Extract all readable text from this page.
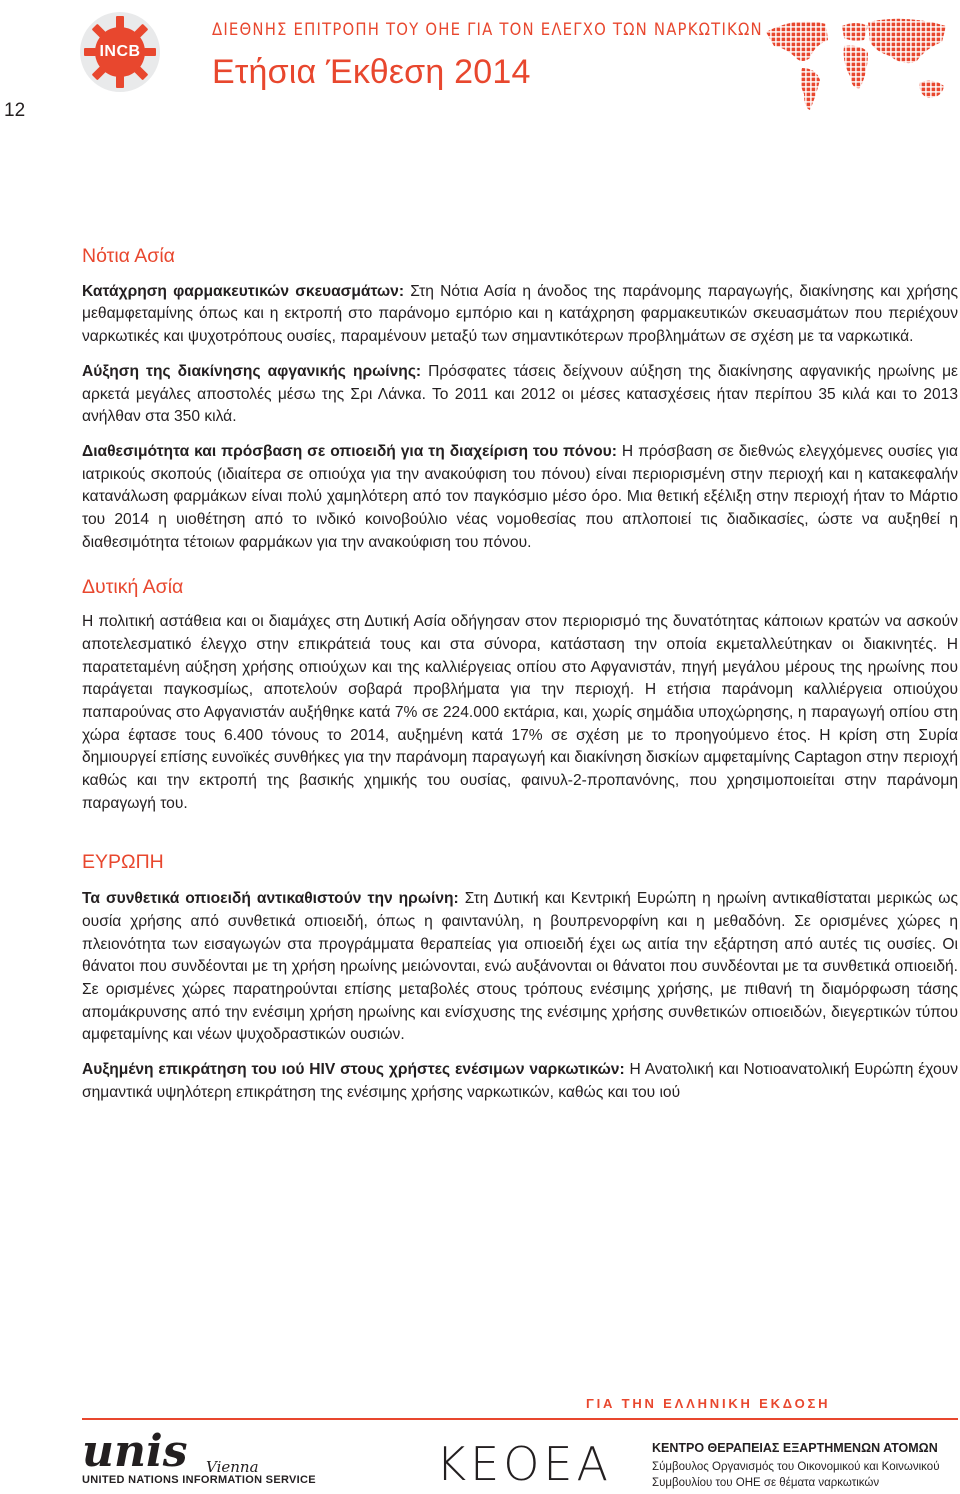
12
INCB
ΔΙΕΘΝΗΣ ΕΠΙΤΡΟΠΗ ΤΟΥ ΟΗΕ ΓΙΑ ΤΟΝ ΕΛΕΓΧΟ ΤΩΝ ΝΑΡΚΩΤΙΚΩΝ
Ετήσια Έκθεση 2014
Νότια Ασία

Κατάχρηση φαρμακευτικών σκευασμάτων: Στη Νότια Ασία η άνοδος της παράνομης παραγωγής, διακίνησης και χρήσης μεθαμφεταμίνης όπως και η εκτροπή στο παράνομο εμπόριο και η κατάχρηση φαρμακευτικών σκευασμάτων που περιέχουν ναρκωτικές και ψυχοτρόπους ουσίες, παραμένουν μεταξύ των σημαντικότερων προβλημάτων σε σχέση με τα ναρκωτικά.

Αύξηση της διακίνησης αφγανικής ηρωίνης: Πρόσφατες τάσεις δείχνουν αύξηση της διακίνησης αφγανικής ηρωίνης με αρκετά μεγάλες αποστολές μέσω της Σρι Λάνκα. Το 2011 και 2012 οι μέσες κατασχέσεις ήταν περίπου 35 κιλά και το 2013 ανήλθαν στα 350 κιλά.

Διαθεσιμότητα και πρόσβαση σε οπιοειδή για τη διαχείριση του πόνου: Η πρόσβαση σε διεθνώς ελεγχόμενες ουσίες για ιατρικούς σκοπούς (ιδιαίτερα σε οπιούχα για την ανακούφιση του πόνου) είναι περιορισμένη στην περιοχή και η κατακεφαλήν κατανάλωση φαρμάκων είναι πολύ χαμηλότερη από τον παγκόσμιο μέσο όρο. Μια θετική εξέλιξη στην περιοχή ήταν το Μάρτιο του 2014 η υιοθέτηση από το ινδικό κοινοβούλιο νέας νομοθεσίας που απλοποιεί τις διαδικασίες, ώστε να αυξηθεί η διαθεσιμότητα τέτοιων φαρμάκων για την ανακούφιση του πόνου.

Δυτική Ασία

Η πολιτική αστάθεια και οι διαμάχες στη Δυτική Ασία οδήγησαν στον περιορισμό της δυνατότητας κάποιων κρατών να ασκούν αποτελεσματικό έλεγχο στην επικράτειά τους και στα σύνορα, κατάσταση την οποία εκμεταλλεύτηκαν οι διακινητές. Η παρατεταμένη αύξηση χρήσης οπιούχων και της καλλιέργειας οπίου στο Αφγανιστάν, πηγή μεγάλου μέρους της ηρωίνης που παράγεται παγκοσμίως, αποτελούν σοβαρά προβλήματα για την περιοχή. Η ετήσια παράνομη καλλιέργεια οπιούχου παπαρούνας στο Αφγανιστάν αυξήθηκε κατά 7% σε 224.000 εκτάρια, και, χωρίς σημάδια υποχώρησης, η παραγωγή οπίου στη χώρα έφτασε τους 6.400 τόνους το 2014, αυξημένη κατά 17% σε σχέση με το προηγούμενο έτος. Η κρίση στη Συρία δημιουργεί επίσης ευνοϊκές συνθήκες για την παράνομη παραγωγή και διακίνηση δισκίων αμφεταμίνης Captagon στην περιοχή καθώς και την εκτροπή της βασικής χημικής του ουσίας, φαινυλ-2-προπανόνης, που χρησιμοποιείται στην παράνομη παραγωγή του.

ΕΥΡΩΠΗ

Τα συνθετικά οπιοειδή αντικαθιστούν την ηρωίνη: Στη Δυτική και Κεντρική Ευρώπη η ηρωίνη αντικαθίσταται μερικώς ως ουσία χρήσης από συνθετικά οπιοειδή, όπως η φαιντανύλη, η βουπρενορφίνη και η μεθαδόνη. Σε ορισμένες χώρες η πλειονότητα των εισαγωγών στα προγράμματα θεραπείας για οπιοειδή έχει ως αιτία την εξάρτηση από αυτές τις ουσίες. Οι θάνατοι που συνδέονται με τη χρήση ηρωίνης μειώνονται, ενώ αυξάνονται οι θάνατοι που συνδέονται με τα συνθετικά οπιοειδή. Σε ορισμένες χώρες παρατηρούνται επίσης μεταβολές στους τρόπους ενέσιμης χρήσης, με πιθανή τη διαμόρφωση τάσης απομάκρυνσης από την ενέσιμη χρήση ηρωίνης και ενίσχυσης της ενέσιμης χρήσης συνθετικών οπιοειδών, διεγερτικών τύπου αμφεταμίνης και νέων ψυχοδραστικών ουσιών.

Αυξημένη επικράτηση του ιού HIV στους χρήστες ενέσιμων ναρκωτικών: Η Ανατολική και Νοτιοανατολική Ευρώπη έχουν σημαντικά υψηλότερη επικράτηση της ενέσιμης χρήσης ναρκωτικών, καθώς και του ιού

ΓΙΑ ΤΗΝ ΕΛΛΗΝΙΚΗ ΕΚΔΟΣΗ
unis Vienna
UNITED NATIONS INFORMATION SERVICE	ΚΕΟΕΑ	ΚΕΝΤΡΟ ΘΕΡΑΠΕΙΑΣ ΕΞΑΡΤΗΜΕΝΩΝ ΑΤΟΜΩΝ
Σύμβουλος Οργανισμός του Οικονομικού και Κοινωνικού
Συμβουλίου του ΟΗΕ σε θέματα ναρκωτικών
